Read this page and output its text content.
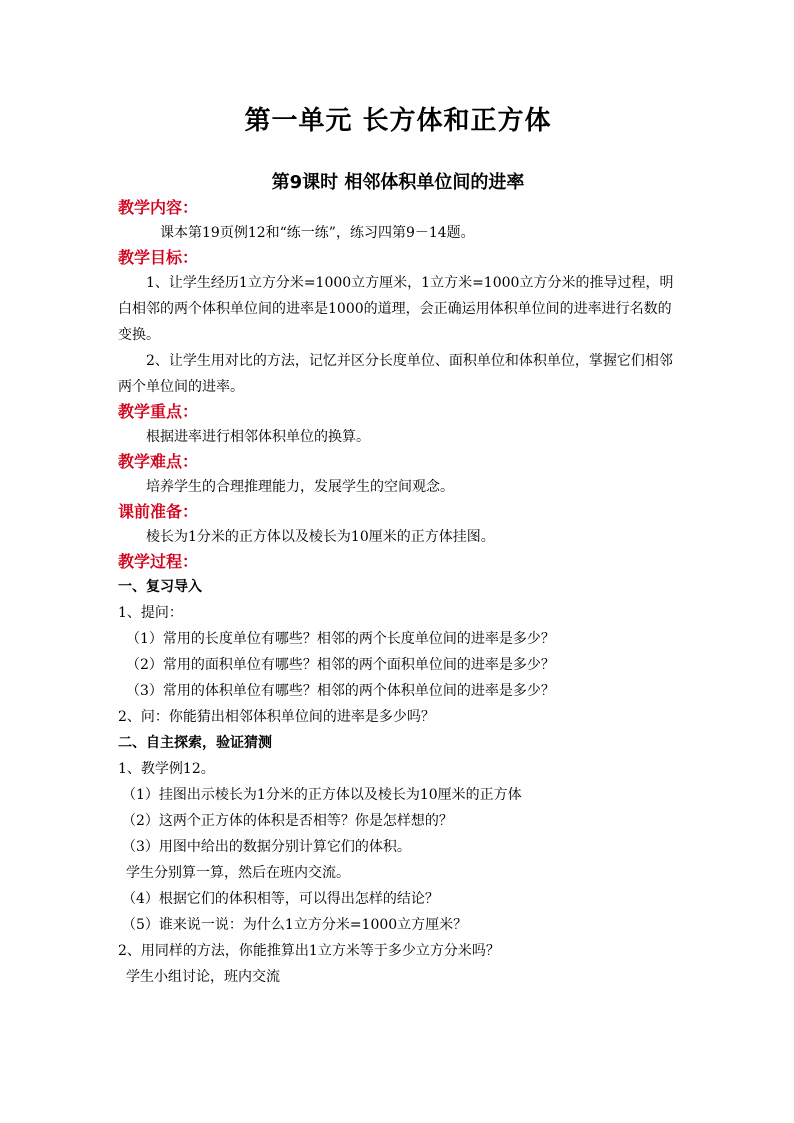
第一单元 长方体和正方体
第9课时 相邻体积单位间的进率

教学内容：

课本第19页例12和“练一练”，练习四第9－14题。

教学目标：

1、让学生经历1立方分米=1000立方厘米，1立方米=1000立方分米的推导过程，明白相邻的两个体积单位间的进率是1000的道理，会正确运用体积单位间的进率进行名数的变换。

2、让学生用对比的方法，记忆并区分长度单位、面积单位和体积单位，掌握它们相邻两个单位间的进率。

教学重点：

根据进率进行相邻体积单位的换算。

教学难点：

培养学生的合理推理能力，发展学生的空间观念。

课前准备：

棱长为1分米的正方体以及棱长为10厘米的正方体挂图。

教学过程：

一、复习导入

1、提问：

（1）常用的长度单位有哪些？相邻的两个长度单位间的进率是多少？

（2）常用的面积单位有哪些？相邻的两个面积单位间的进率是多少？

（3）常用的体积单位有哪些？相邻的两个体积单位间的进率是多少？

2、问：你能猜出相邻体积单位间的进率是多少吗？

二、自主探索，验证猜测

1、教学例12。

（1）挂图出示棱长为1分米的正方体以及棱长为10厘米的正方体

（2）这两个正方体的体积是否相等？你是怎样想的？

（3）用图中给出的数据分别计算它们的体积。

学生分别算一算，然后在班内交流。

（4）根据它们的体积相等，可以得出怎样的结论？

（5）谁来说一说：为什么1立方分米=1000立方厘米？

2、用同样的方法，你能推算出1立方米等于多少立方分米吗？

学生小组讨论，班内交流
